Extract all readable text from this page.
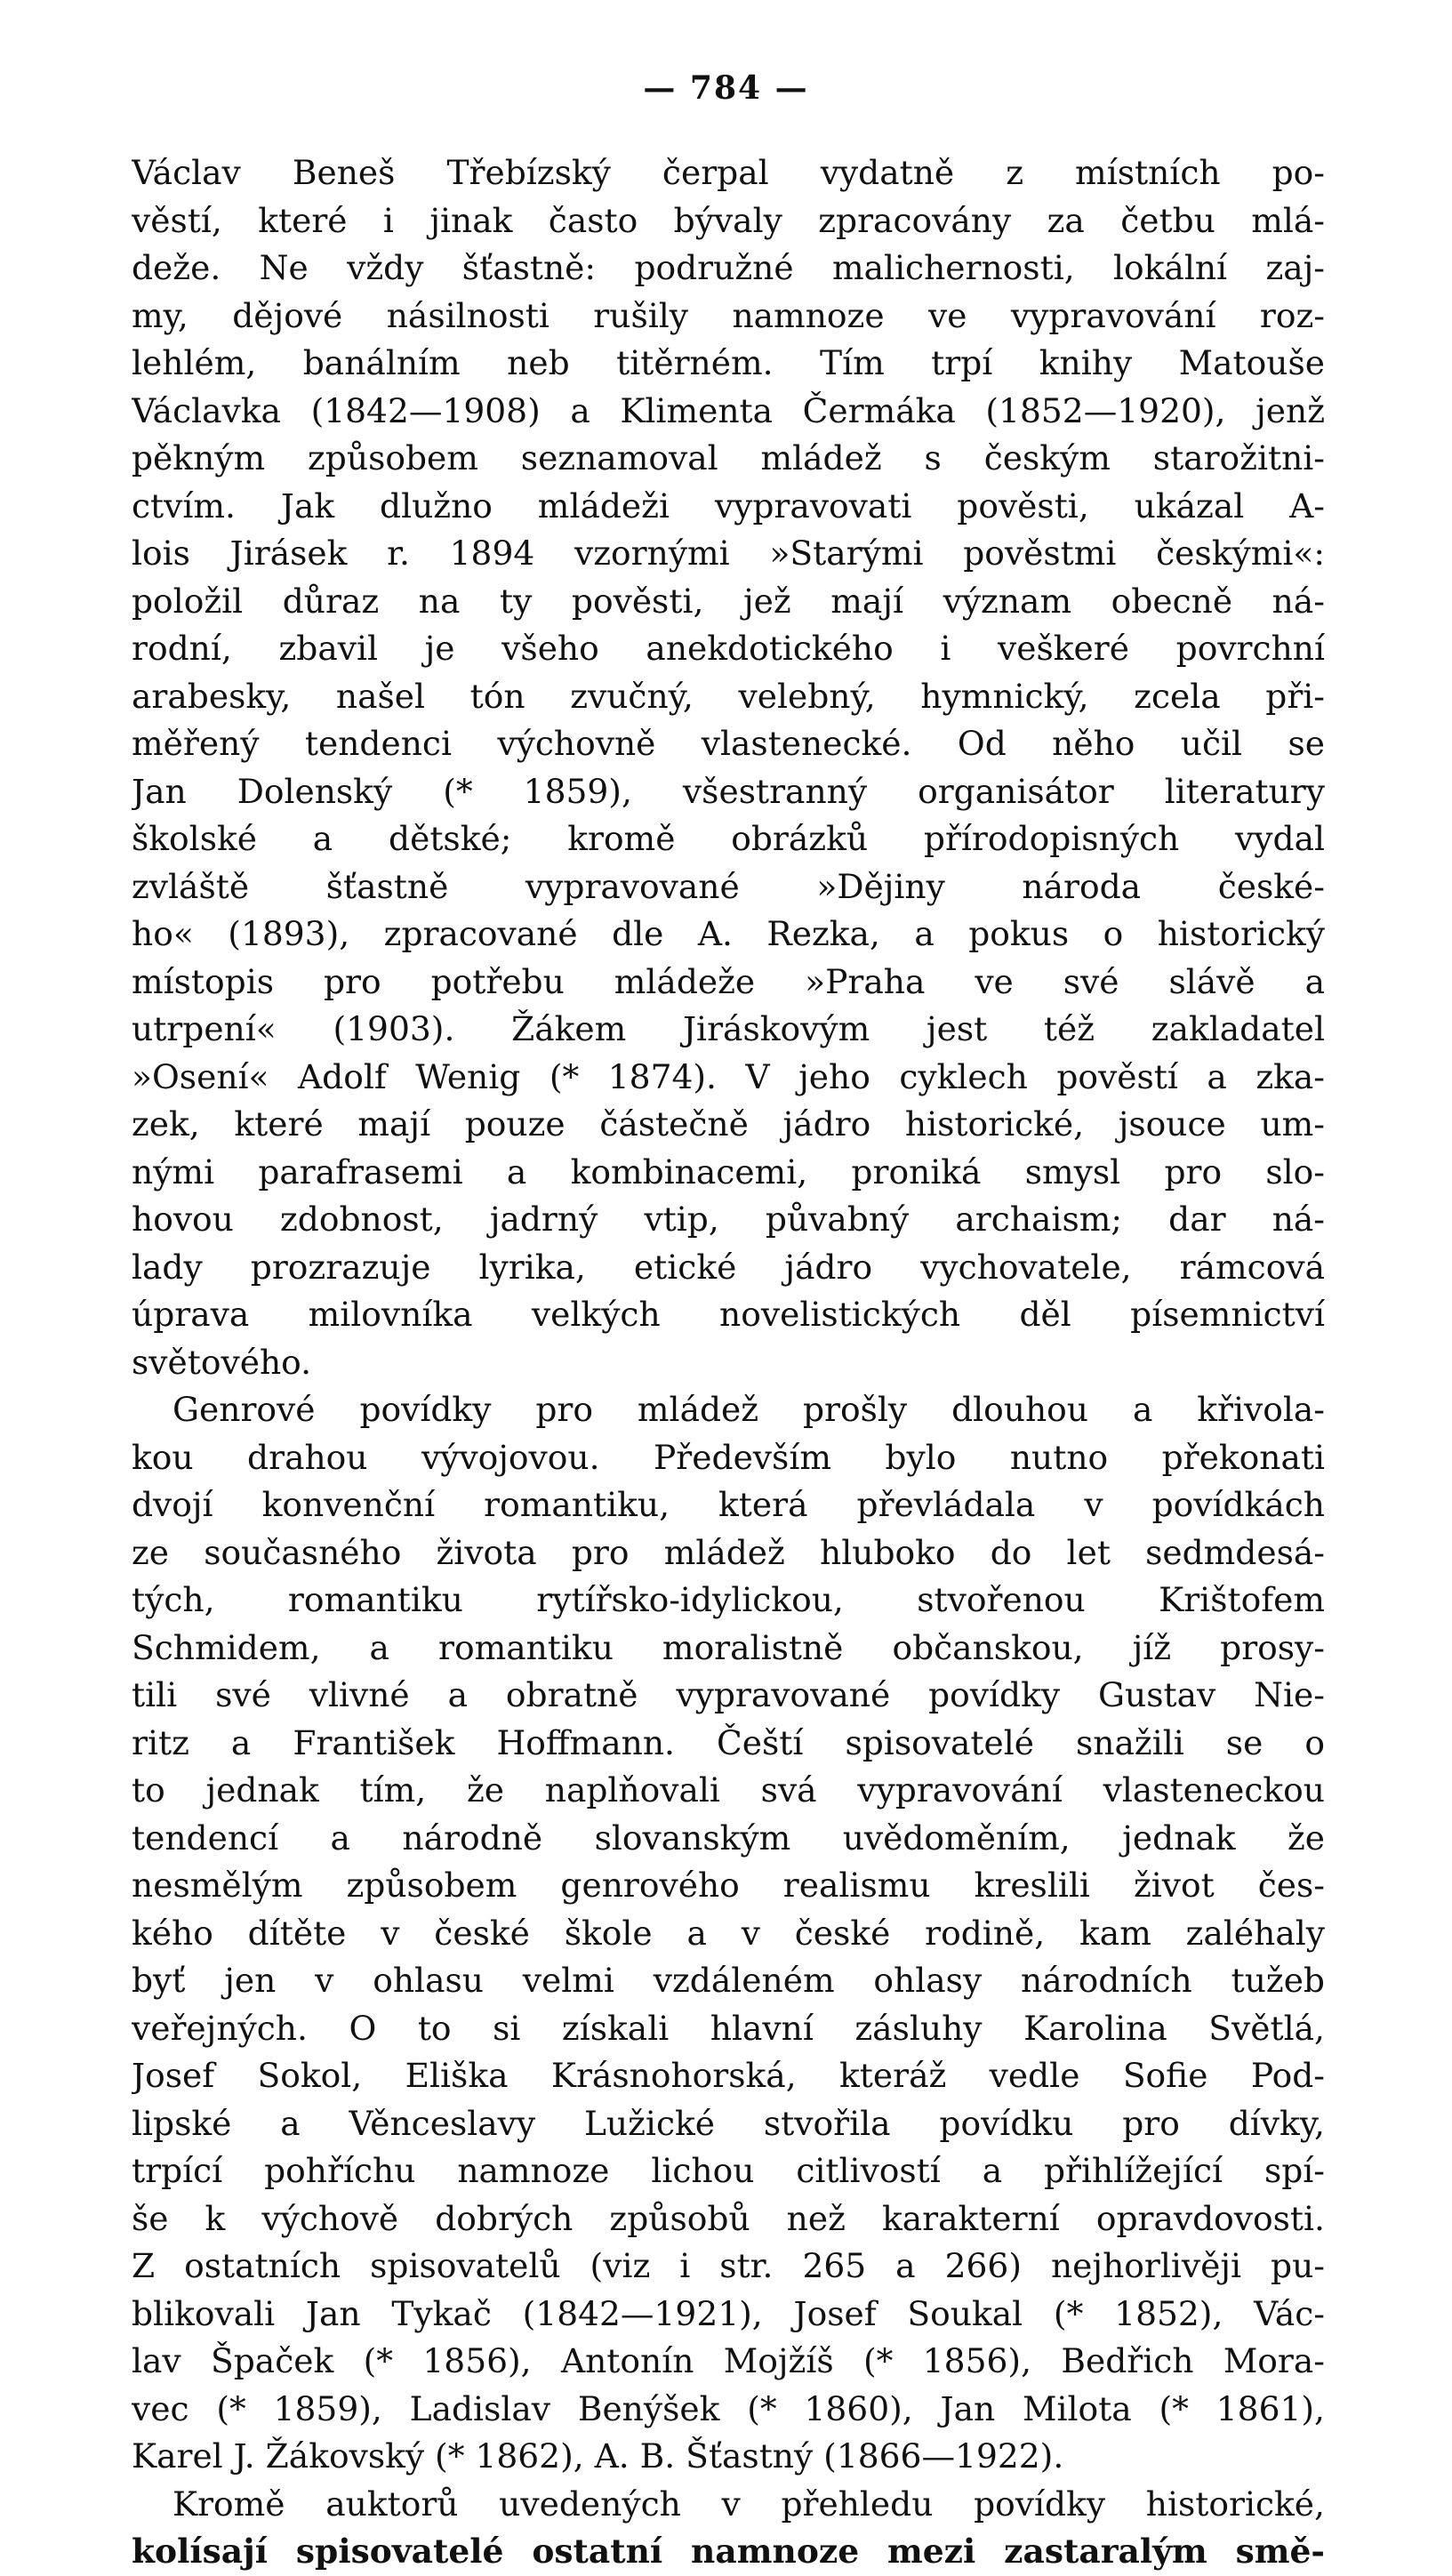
— 784 —
Václav Beneš Třebízský čerpal vydatně z místních po-
věstí, které i jinak často bývaly zpracovány za četbu mlá-
deže. Ne vždy šťastně: podružné malichernosti, lokální zaj-
my, dějové násilnosti rušily namnoze ve vypravování roz-
lehlém, banálním neb titěrném. Tím trpí knihy Matouše
Václavka (1842—1908) a Klimenta Čermáka (1852—1920), jenž
pěkným způsobem seznamoval mládež s českým starožitni-
ctvím. Jak dlužno mládeži vypravovati pověsti, ukázal A-
lois Jirásek r. 1894 vzornými »Starými pověstmi českými«:
položil důraz na ty pověsti, jež mají význam obecně ná-
rodní, zbavil je všeho anekdotického i veškeré povrchní
arabesky, našel tón zvučný, velebný, hymnický, zcela při-
měřený tendenci výchovně vlastenecké. Od něho učil se
Jan Dolenský (* 1859), všestranný organisátor literatury
školské a dětské; kromě obrázků přírodopisných vydal
zvláště šťastně vypravované »Dějiny národa české-
ho« (1893), zpracované dle A. Rezka, a pokus o historický
místopis pro potřebu mládeže »Praha ve své slávě a
utrpení« (1903). Žákem Jiráskovým jest též zakladatel
»Osení« Adolf Wenig (* 1874). V jeho cyklech pověstí a zka-
zek, které mají pouze částečně jádro historické, jsouce um-
nými parafrasemi a kombinacemi, proniká smysl pro slo-
hovou zdobnost, jadrný vtip, půvabný archaism; dar ná-
lady prozrazuje lyrika, etické jádro vychovatele, rámcová
úprava milovníka velkých novelistických děl písemnictví
světového.
Genrové povídky pro mládež prošly dlouhou a křivola-
kou drahou vývojovou. Především bylo nutno překonati
dvojí konvenční romantiku, která převládala v povídkách
ze současného života pro mládež hluboko do let sedmdesá-
tých, romantiku rytířsko-idylickou, stvořenou Krištofem
Schmidem, a romantiku moralistně občanskou, jíž prosy-
tili své vlivné a obratně vypravované povídky Gustav Nie-
ritz a František Hoffmann. Čeští spisovatelé snažili se o
to jednak tím, že naplňovali svá vypravování vlasteneckou
tendencí a národně slovanským uvědoměním, jednak že
nesmělým způsobem genrového realismu kreslili život čes-
kého dítěte v české škole a v české rodině, kam zaléhaly
byť jen v ohlasu velmi vzdáleném ohlasy národních tužeb
veřejných. O to si získali hlavní zásluhy Karolina Světlá,
Josef Sokol, Eliška Krásnohorská, kteráž vedle Sofie Pod-
lipské a Věnceslavy Lužické stvořila povídku pro dívky,
trpící pohříchu namnoze lichou citlivostí a přihlížející spí-
še k výchově dobrých způsobů než karakterní opravdovosti.
Z ostatních spisovatelů (viz i str. 265 a 266) nejhorlivěji pu-
blikovali Jan Tykač (1842—1921), Josef Soukal (* 1852), Vác-
lav Špaček (* 1856), Antonín Mojžíš (* 1856), Bedřich Mora-
vec (* 1859), Ladislav Benýšek (* 1860), Jan Milota (* 1861),
Karel J. Žákovský (* 1862), A. B. Šťastný (1866—1922).
Kromě auktorů uvedených v přehledu povídky historické,
kolísají spisovatelé ostatní namnoze mezi zastaralým smě-
